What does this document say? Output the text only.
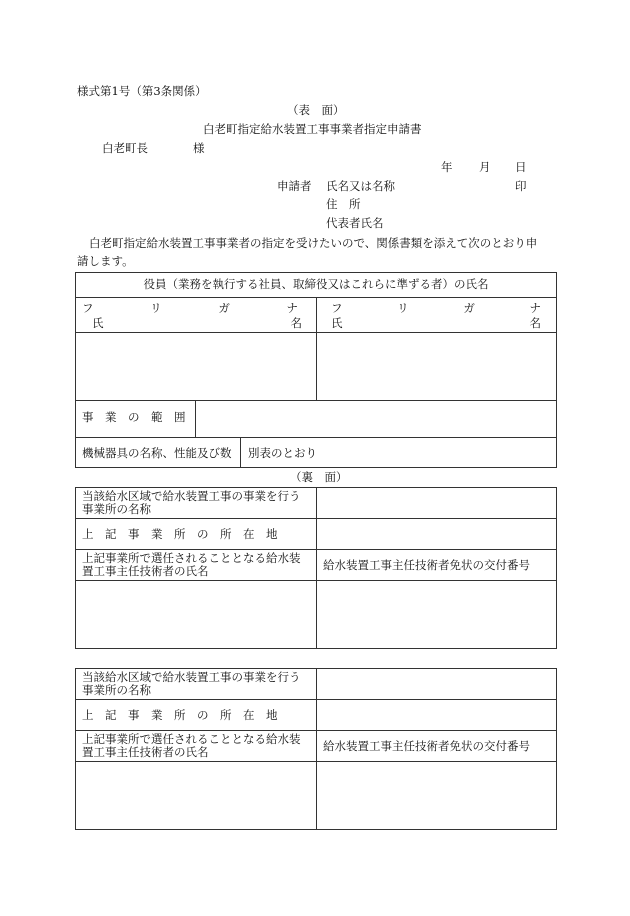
様式第1号（第3条関係）
（表　面）
白老町指定給水装置工事事業者指定申請書
白老町長	様
年 月 日
申請者 氏名又は名称	印
住　所
代表者氏名
白老町指定給水装置工事事業者の指定を受けたいので、関係書類を添えて次のとおり申
請します。
役員（業務を執行する社員、取締役又はこれらに準ずる者）の氏名
フ	リ	ガ	ナ
氏	名
フ	リ	ガ	ナ
氏	名
事　業　の　範　囲
機械器具の名称、性能及び数 別表のとおり
（裏　面）
当該給水区域で給水装置工事の事業を行う
事業所の名称
上　記　事　業　所　の　所　在　地
上記事業所で選任されることとなる給水装
置工事主任技術者の氏名	給水装置工事主任技術者免状の交付番号
当該給水区域で給水装置工事の事業を行う
事業所の名称
上　記　事　業　所　の　所　在　地
上記事業所で選任されることとなる給水装
置工事主任技術者の氏名	給水装置工事主任技術者免状の交付番号
